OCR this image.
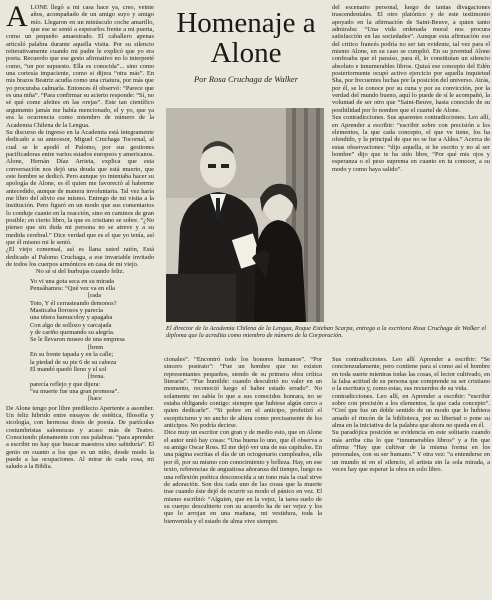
ALONE llegó a mi casa hace ya, creo, veinte años, acompañado de un amigo suyo y amigo mío. Llegaron en un minúsculo coche amarillo, que ese se sentó a esperarlos frente a mi puerta, como un pequeño amaestrado. El caballero apenas articuló palabra durante aquella visita. Por su silencio reiterativamente cuando mi padre le explicó que yo era poeta. Recuerdo que ese gesto afirmativo no lo interpreté como, “un por supuesto. Ella es conocida”... sino como una cortesía impaciente, como si dijera “otra más”. En mis brazos Beatriz acudía como una criatura, por más que yo procuraba calmarla. Entonces él observó: “Parece que es una niña”. “Para confirmar su acierto responde: “Sí, no sé qué come afeites en las orejas”. Este tan científico argumento jamás me había mencionado, el y yo, que ya era la ocurrencia como miembro de número de la Academia Chilena de la Lengua.

Su discurso de ingreso en la Academia está íntegramente dedicado a su antecesor, Miguel Cruchaga Tocornal, al cual se le apodó el Palomo, por sus gestiones pacificadoras entre varios estados europeos y americanos. Alone, Hernán Díaz Arrieta, explica que esta conversación nos dejó una deuda que está muerto, que este hombre se dedicó. Pero aunque yo intentaba hacer su apología de Alone, es él quien me favoreció al haberme antecedido, aunque de manera involuntaria. Tal vez haría me libro del alivio ese mismo. Entrego de mi visita a la institución. Pero figuró en un modo que sus comentarios lo conduje cuanto en la reacción, sino en caminos de gran posible; en cierto libro, la que es cristiano se sobre. “¿No pienso que sin duda mi persona no se atreve y a su medida cerebral.” Dice verdad que es el que yo tenía, así que él mismo mi le sentó.

¿El viejo comensal, así es llana usted ratón, Está dedicado al Palomo Cruchaga, a ese invariable invitado de todos los cuerpos armónicos en casa de mi viejo.

No sé si del burbujas cuando feliz.

Yo vi una gota seca en su mirada
Pensábamos: “Qué vez va en ella
[rada
Toto, Y él cerrasteando demonos?
Masticaba llorosos y parecía
una tétera hamucoloy y apagaba
Con algo de sollozo y carcajada
y de cariño quemando su alegría.
Se le llevaron museo de una empresa
[brem
En su frente tapada y en la calle;
la piedad de su pie 6 de su cabeza
El mandó quedó lleno y el sol
[frena.
parecía reflejo y que dijera:
“su muerte fue una gran promesa”.
[hace

De Alone tengo por libre predilecto Apertente a asomber. Un feliz hibrido entre ensayos de estética, filosofía y sicología, con hermosa dosis de poesía. De partículas costumbristas salonescas y acaso más de Teatro. Conociendo plenamente con sus palabras: “para aprender a escribir no hay que buscar maestros sino sabiduría”. El genio en cuanto a los que es un niño, desde modo la puede a las ocupaciones. Al mirar de cada cosa, mi saludo a la Biblia.

Homenaje a
Alone
Por Rosa Cruchaga de Walker
El director de la Academia Chilena de la Lengua, Roque Esteban Scarpa, entrega a la escritora Rosa Cruchaga de Walker el diploma que la acredita como miembro de número de la Corporación.

del escenario personal, luego de tantas divagaciones trascendentales. El otro platónico y de este testimonio apoyado en la afirmación de Saint-Beuve, a quien tanto admiraba: “Una vida ordenada moral nos procura satisfacción en las sociedades”. Aunque esta afirmación eso del critico francés podría no ser tan evidente, tal vez para el mismo Alone, en su caso se cumplió. En su juventud Alone confesaba que el paraíso, para él, lo constituían un silencio absoluto e innumerables libros. Quizá ese concepto del Edén posteriormente ocupó activo ejercicio por aquella inquietud Sha, por frecuentes luchas por la posición del universo. Atrás, por él, se le conoce por su cuna y por su convicción, por la verdad del mundo bueno, aquí lo puede de sí le acompañó, la voluntad de ser otro que “Saint-Beuve, hasta conocido de su posibilidad por lo nombre que el cuartel de Alone.

Sus contradicciones. Sus aparentes contradicciones. Leo allí, en Aprender a escribir: “escribir sobre con precisión a los elementos, la que cada concepto, el que ve tiene, los ha ofendido, y la principal de que no se fue a Aldea.” Acerca de estas observaciones: “dijo aquella, si he escrito y no al ser hombre” dijo que te ha sido libre, “Por qué mis ojos y esperanza o el peso suprema en cuanto en tu conocer, a su modo y como haya salido”.

cionales”. “Encontró todo los honores humanos”. “Por sincero postrato”: “Fue un hombre que no existen representantes pequeños, siendo de su primera obra crítica literaria”. “Fue humilde: cuando descubrió no valer en un momento, reconoció luego el haber estado errado”. No solamente no sabía lo que a sus conocidos honrara, no se estaba obligando contigo: siempre que hubiese algún cerco a quien dedicarle”. “Si pobre en el anticipo, profetizó el escepticismo y no ancho de altura como precisamente de los anticipos. No podría decirse.

Dice muy un escritor con gran y de medio esto, que en Alone el autor unió hay cosas: “Una buena lo uno, que él observa a su amigo Oscar Ross. El me dejó ver una de sus capítulos. En una página escritas el día de un octogenario cumpleaños, ella por él, por su mismo con conocimiento y belleza. Hay, en ese texto, referencias de angustiosa añoranza del tiempo, luego es una reflexión poética desconocida a un tono más la cual sirve de adoración. Son dos cada uno de las cosas que la muerte trae cuando éste dejó de ocurrir su modo el pánico en vez. El mismo escribió: “Alguien, que en la vejez, la tarea suelo de su cuerpo descubierto con su acuerdo ha de ser vejez y los que lo arrojan en una mañana, mi vestidura, toda la bienvenida y el estado de alma vive siempre.

Sus contradicciones. Leo allí Aprender a escribir: “Se concienzudamente, pero contiene para sí como así el hombre en toda suerte mientras todas las cosas, el lector cultivado, en la falsa actitud de su persona que comprende su ser cristiano o la escritura y, como estas, sus recuerdos de su vida.

contradicciones. Leo allí, en Aprender a escribir: “escribir sobre con precisión a los elementos, la que cada concepto”. “Creí que fue un doble sentido de un modo que lo hubiera amado el rincón de la biblioteca, por su libertad o pone su alma en la iniciativa de la palabra que ahora no queda en él.

Su paradójica posición se evidencia en este solitario cuando más arriba cita lo que “innumerables libros” y a fin que afirma “Hay que cultivar de la misma forma en los personales, con su ser humano.” Y otra vez: “a entenderse en un mundo ni en el silencio, el artista sin la sola mirada, a veces hay que esperar la obra en solo libro.
